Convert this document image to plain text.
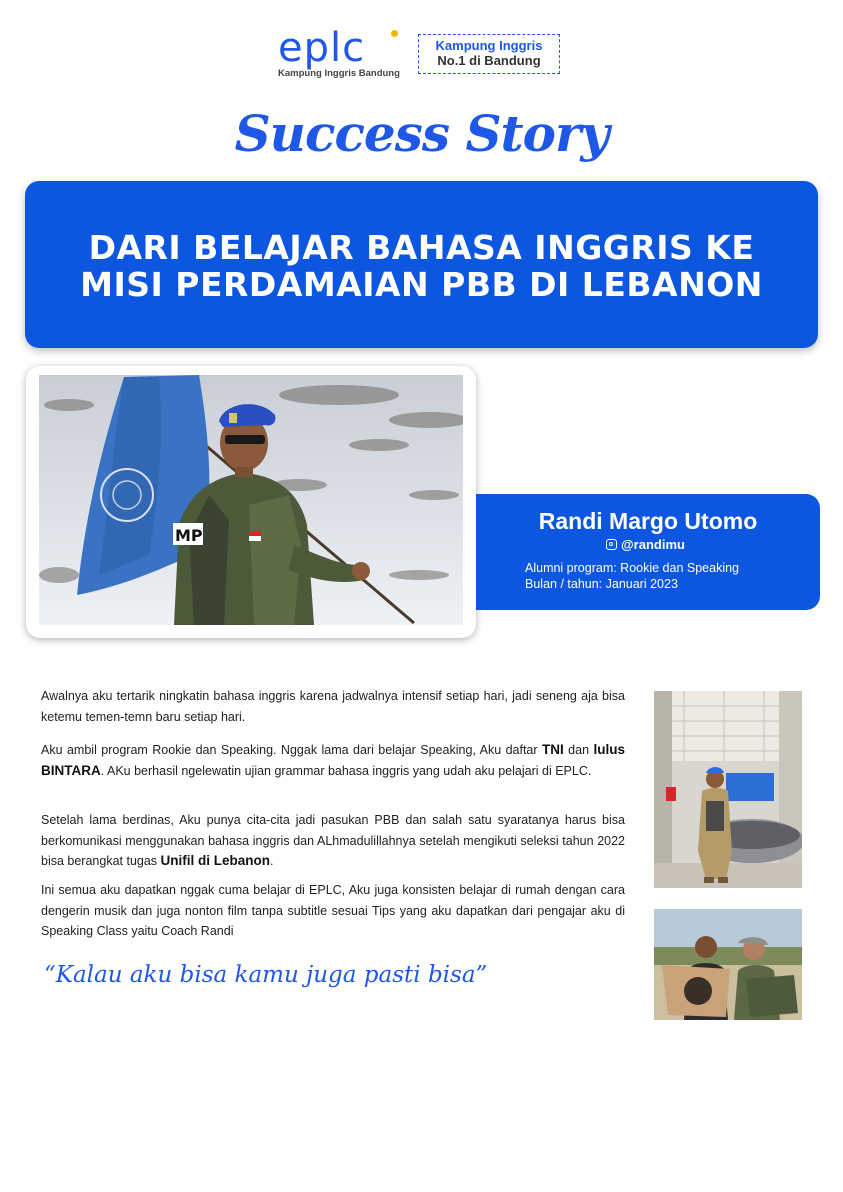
eplc
Kampung Inggris Bandung
Kampung Inggris
No.1 di Bandung
Success Story
DARI BELAJAR BAHASA INGGRIS KE
MISI PERDAMAIAN PBB DI LEBANON
MP
Randi Margo Utomo
@randimu
Alumni program: Rookie dan Speaking
Bulan / tahun: Januari 2023
Awalnya aku tertarik ningkatin bahasa inggris karena jadwalnya intensif setiap hari, jadi seneng aja bisa ketemu temen-temn baru setiap hari.
Aku ambil program Rookie dan Speaking. Nggak lama dari belajar Speaking, Aku daftar TNI dan lulus BINTARA. AKu berhasil ngelewatin ujian grammar bahasa inggris yang udah aku pelajari di EPLC.
Setelah lama berdinas, Aku punya cita-cita jadi pasukan PBB dan salah satu syaratanya harus bisa berkomunikasi menggunakan bahasa inggris dan ALhmadulillahnya setelah mengikuti seleksi tahun 2022 bisa berangkat tugas Unifil di Lebanon.
Ini semua aku dapatkan nggak cuma belajar di EPLC, Aku juga konsisten belajar di rumah dengan cara dengerin musik dan juga nonton film tanpa subtitle sesuai Tips yang aku dapatkan dari pengajar aku di Speaking Class yaitu Coach Randi
“Kalau aku bisa kamu juga pasti bisa”
